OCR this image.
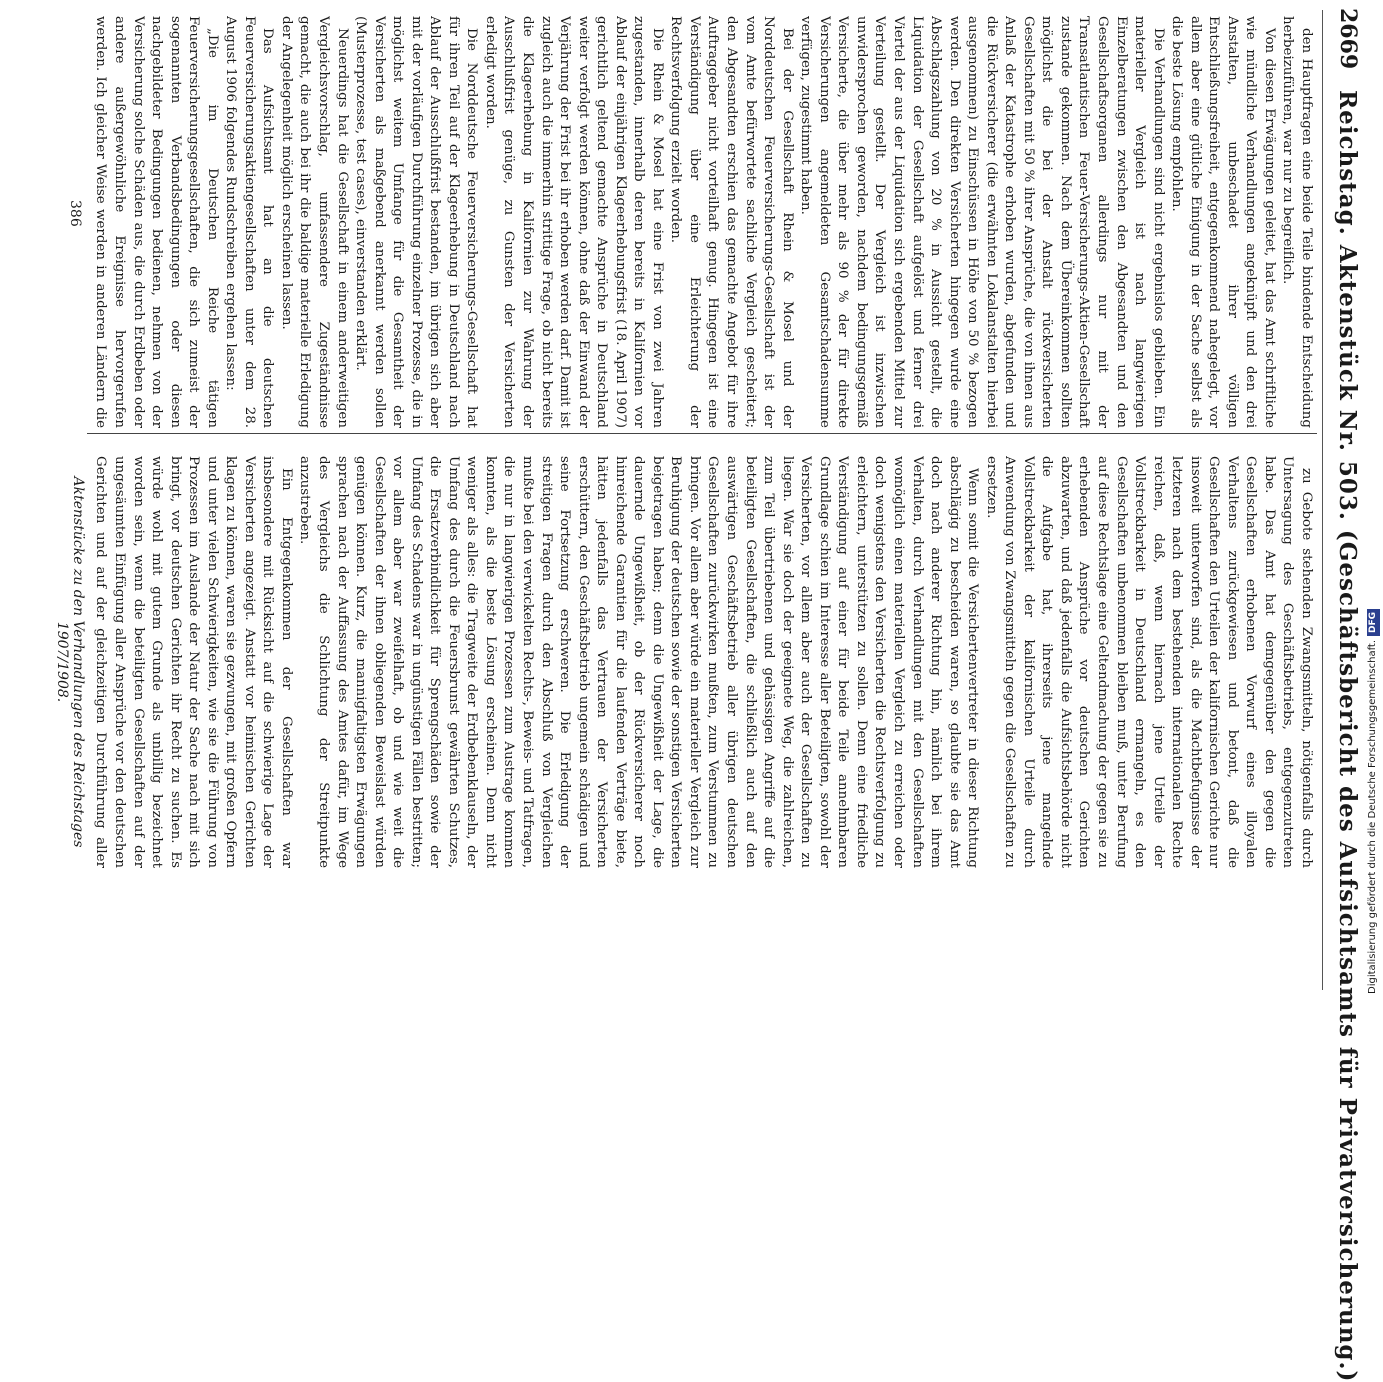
2669
Reichstag. Aktenstück Nr. 503. (Geschäftsbericht des Aufsichtsamts für Privatversicherung.)

den Hauptfragen eine beide Teile bindende Entscheidung herbeizuführen, war nur zu begreiflich.

Von diesen Erwägungen geleitet, hat das Amt schriftliche wie mündliche Verhandlungen angeknüpft und den drei Anstalten, unbeschadet ihrer völligen Entschließungsfreiheit, entgegenkommend nahegelegt, vor allem aber eine gütliche Einigung in der Sache selbst als die beste Lösung empfohlen.

Die Verhandlungen sind nicht ergebnislos geblieben. Ein materieller Vergleich ist nach langwierigen Einzelberatungen zwischen den Abgesandten und den Gesellschaftsorganen allerdings nur mit der Transatlantischen Feuer-Versicherungs-Aktien-Gesellschaft zustande gekommen. Nach dem Übereinkommen sollten möglichst die bei der Anstalt rückversicherten Gesellschaften mit 50 % ihrer Ansprüche, die von ihnen aus Anlaß der Katastrophe erhoben wurden, abgefunden und die Rückversicherer (die erwähnten Lokalanstalten hierbei ausgenommen) zu Einschüssen in Höhe von 50 % bezogen werden. Den direkten Versicherten hingegen wurde eine Abschlagszahlung von 20 % in Aussicht gestellt, die Liquidation der Gesellschaft aufgelöst und ferner drei Viertel der aus der Liquidation sich ergebenden Mittel zur Verteilung gestellt. Der Vergleich ist inzwischen unwidersprochen geworden, nachdem bedingungsgemäß Versicherte, die über mehr als 90 % der für direkte Versicherungen angemeldeten Gesamtschadensumme verfügen, zugestimmt haben.

Bei der Gesellschaft Rhein & Mosel und der Norddeutschen Feuerversicherungs-Gesellschaft ist der vom Amte befürwortete sachliche Vergleich gescheitert; den Abgesandten erschien das gemachte Angebot für ihre Auftraggeber nicht vorteilhaft genug. Hingegen ist eine Verständigung über eine Erleichterung der Rechtsverfolgung erzielt worden.

Die Rhein & Mosel hat eine Frist von zwei Jahren zugestanden, innerhalb deren bereits in Kalifornien vor Ablauf der einjährigen Klageerhebungsfrist (18. April 1907) gerichtlich geltend gemachte Ansprüche in Deutschland weiter verfolgt werden können, ohne daß der Einwand der Verjährung der Frist bei ihr erhoben werden darf. Damit ist zugleich auch die immerhin strittige Frage, ob nicht bereits die Klageerhebung in Kalifornien zur Wahrung der Ausschlußfrist genüge, zu Gunsten der Versicherten erledigt worden.

Die Norddeutsche Feuerversicherungs-Gesellschaft hat für ihren Teil auf der Klageerhebung in Deutschland nach Ablauf der Ausschlußfrist bestanden, im übrigen sich aber mit der vorläufigen Durchführung einzelner Prozesse, die in möglichst weitem Umfange für die Gesamtheit der Versicherten als maßgebend anerkannt werden sollen (Musterprozesse, test cases), einverstanden erklärt.

Neuerdings hat die Gesellschaft in einem anderweitigen Vergleichsvorschlag, umfassendere Zugeständnisse gemacht, die auch bei ihr die baldige materielle Erledigung der Angelegenheit möglich erscheinen lassen.

Das Aufsichtsamt hat an die deutschen Feuerversicherungsaktiengesellschaften unter dem 28. August 1906 folgendes Rundschreiben ergehen lassen:

„Die im Deutschen Reiche tätigen Feuerversicherungsgesellschaften, die sich zumeist der sogenannten Verbandsbedingungen oder diesen nachgebildeter Bedingungen bedienen, nehmen von der Versicherung solche Schäden aus, die durch Erdbeben oder andere außergewöhnliche Ereignisse hervorgerufen werden. Ich gleicher Weise werden in anderen Ländern die

zu Gebote stehenden Zwangsmitteln, nötigenfalls durch Untersagung des Geschäftsbetriebs, entgegenzutreten habe. Das Amt hat demgegenüber den gegen die Gesellschaften erhobenen Vorwurf eines illoyalen Verhaltens zurückgewiesen und betont, daß die Gesellschaften den Urteilen der kalifornischen Gerichte nur insoweit unterworfen sind, als die Machtbefugnisse der letzteren nach dem bestehenden internationalen Rechte reichen, daß, wenn hiernach jene Urteile der Vollstreckbarkeit in Deutschland ermangeln, es den Gesellschaften unbenommen bleiben muß, unter Berufung auf diese Rechtslage eine Geltendmachung der gegen sie zu erhebenden Ansprüche vor deutschen Gerichten abzuwarten, und daß jedenfalls die Aufsichtsbehörde nicht die Aufgabe hat, ihrerseits jene mangelnde Vollstreckbarkeit der kalifornischen Urteile durch Anwendung von Zwangsmitteln gegen die Gesellschaften zu ersetzen.

Wenn somit die Versichertenvertreter in dieser Richtung abschlägig zu bescheiden waren, so glaubte sie das Amt doch nach anderer Richtung hin, nämlich bei ihrem Verhalten, durch Verhandlungen mit den Gesellschaften womöglich einen materiellen Vergleich zu erreichen oder doch wenigstens den Versicherten die Rechtsverfolgung zu erleichtern, unterstützen zu sollen. Denn eine friedliche Verständigung auf einer für beide Teile annehmbaren Grundlage schien im Interesse aller Beteiligten, sowohl der Versicherten, vor allem aber auch der Gesellschaften zu liegen. War sie doch der geeignete Weg, die zahlreichen, zum Teil übertriebenen und gehässigen Angriffe auf die beteiligten Gesellschaften, die schließlich auch auf den auswärtigen Geschäftsbetrieb aller übrigen deutschen Gesellschaften zurückwirken mußten, zum Verstummen zu bringen. Vor allem aber würde ein materieller Vergleich zur Beruhigung der deutschen sowie der sonstigen Versicherten beigetragen haben; denn die Ungewißheit der Lage, die dauernde Ungewißheit, ob der Rückversicherer noch hinreichende Garantien für die laufenden Verträge biete, hätten jedenfalls das Vertrauen der Versicherten erschüttern, den Geschäftsbetrieb ungemein schädigen und seine Fortsetzung erschweren. Die Erledigung der streitigen Fragen durch den Abschluß von Vergleichen mußte bei den verwickelten Rechts-, Beweis- und Tatfragen, die nur in langwierigen Prozessen zum Austrage kommen konnten, als die beste Lösung erscheinen. Denn nicht weniger als alles: die Tragweite der Erdbebenklauseln, der Umfang des durch die Feuersbrunst gewährten Schutzes, die Ersatzverbindlichkeit für Sprengschäden sowie der Umfang des Schadens war in ungünstigen Fällen bestritten; vor allem aber war zweifelhaft, ob und wie weit die Gesellschaften der ihnen obliegenden Beweislast würden genügen können. Kurz, die mannigfaltigsten Erwägungen sprachen nach der Auffassung des Amtes dafür, im Wege des Vergleichs die Schlichtung der Streitpunkte anzustreben.

Ein Entgegenkommen der Gesellschaften war insbesondere mit Rücksicht auf die schwierige Lage der Versicherten angezeigt. Anstatt vor heimischen Gerichten klagen zu können, waren sie gezwungen, mit großen Opfern und unter vielen Schwierigkeiten, wie sie die Führung von Prozessen im Auslande der Natur der Sache nach mit sich bringt, vor deutschen Gerichten ihr Recht zu suchen. Es würde wohl mit gutem Grunde als unbillig bezeichnet worden sein, wenn die beteiligten Gesellschaften auf der ungesäumten Einfügung aller Ansprüche vor den deutschen Gerichten und auf der gleichzeitigen Durchführung aller

386
Aktenstücke zu den Verhandlungen des Reichstages 1907/1908.	Digitalisierung gefördert durch die Deutsche Forschungsgemeinschaft.DFG
